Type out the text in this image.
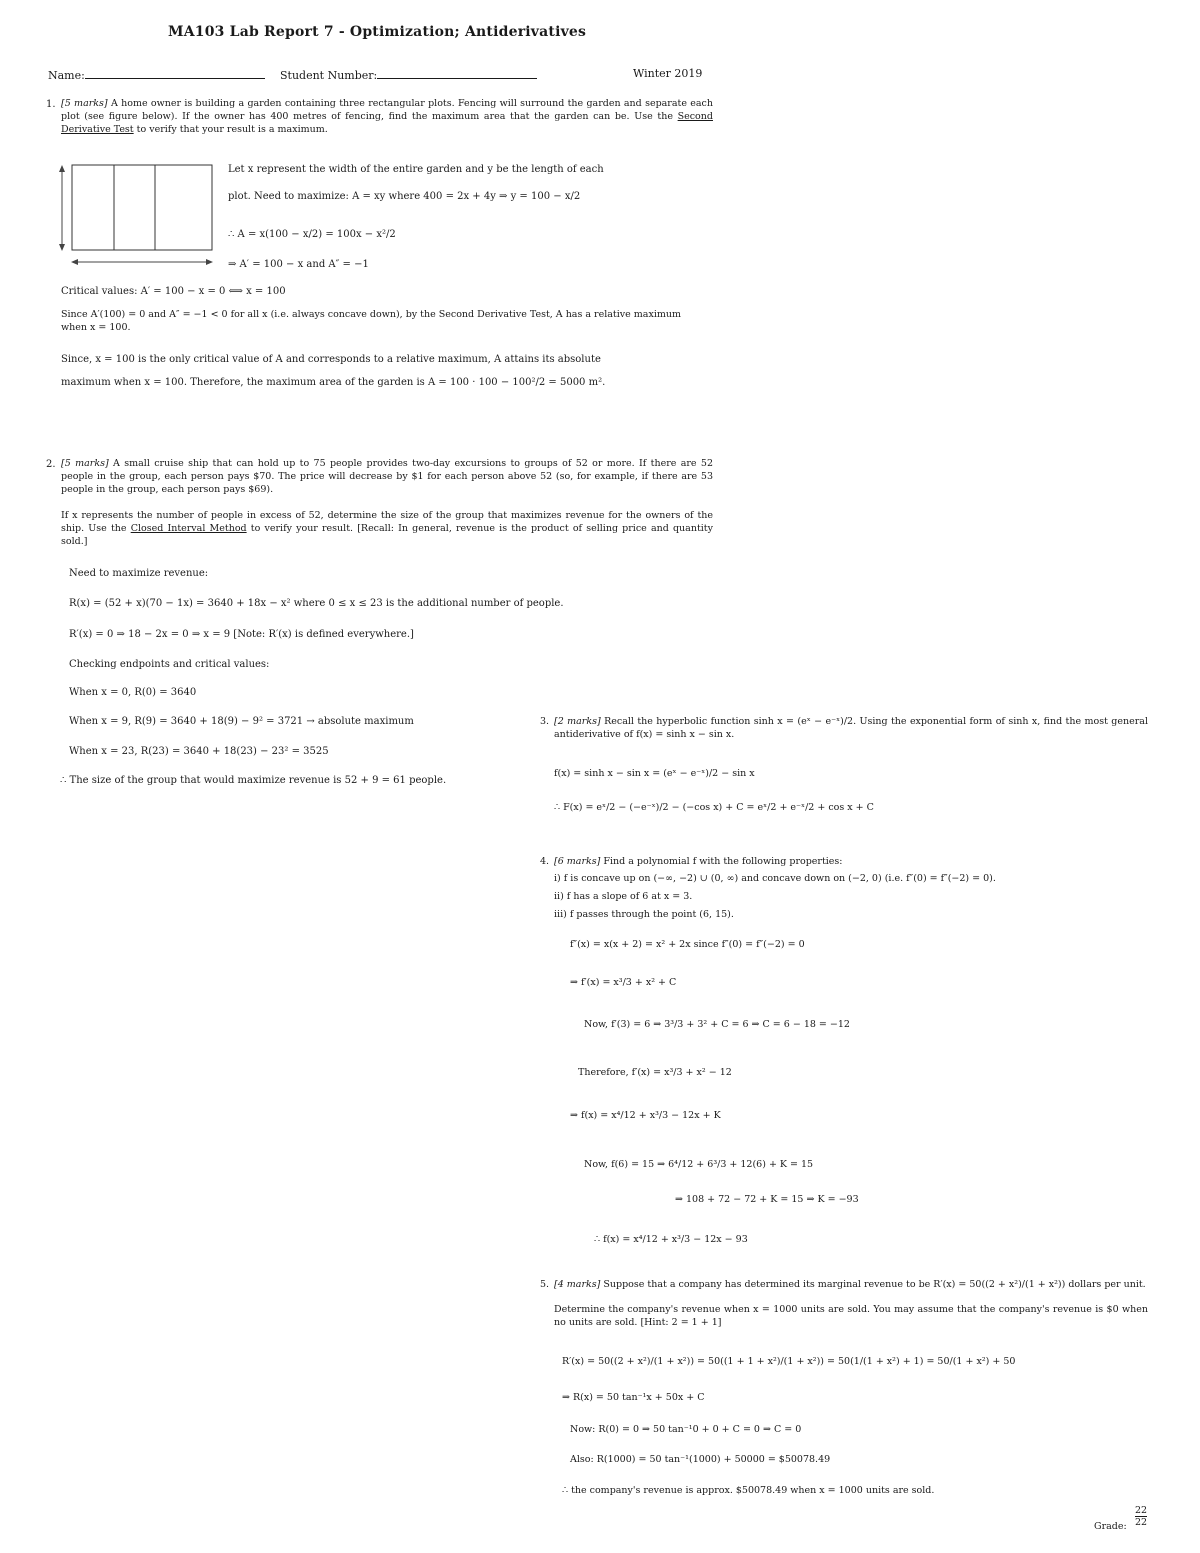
MA103 Lab Report 7 - Optimization; Antiderivatives
Name:	Student Number:	Winter 2019
1. [5 marks] A home owner is building a garden containing three rectangular plots. Fencing will surround the garden and separate each plot (see figure below). If the owner has 400 metres of fencing, find the maximum area that the garden can be. Use the Second Derivative Test to verify that your result is a maximum.
Let x represent the width of the entire garden and y be the length of each
plot. Need to maximize: A = xy where 400 = 2x + 4y ⇒ y = 100 − x/2
∴ A = x(100 − x/2) = 100x − x²/2
⇒ A′ = 100 − x and A″ = −1
Critical values: A′ = 100 − x = 0 ⟺ x = 100
Since A′(100) = 0 and A″ = −1 < 0 for all x (i.e. always concave down), by the Second Derivative Test, A has a relative maximum when x = 100.
Since, x = 100 is the only critical value of A and corresponds to a relative maximum, A attains its absolute
maximum when x = 100. Therefore, the maximum area of the garden is A = 100 · 100 − 100²/2 = 5000 m².
2. [5 marks] A small cruise ship that can hold up to 75 people provides two-day excursions to groups of 52 or more. If there are 52 people in the group, each person pays $70. The price will decrease by $1 for each person above 52 (so, for example, if there are 53 people in the group, each person pays $69).
If x represents the number of people in excess of 52, determine the size of the group that maximizes revenue for the owners of the ship. Use the Closed Interval Method to verify your result. [Recall: In general, revenue is the product of selling price and quantity sold.]
Need to maximize revenue:
R(x) = (52 + x)(70 − 1x) = 3640 + 18x − x² where 0 ≤ x ≤ 23 is the additional number of people.
R′(x) = 0 ⇒ 18 − 2x = 0 ⇒ x = 9 [Note: R′(x) is defined everywhere.]
Checking endpoints and critical values:
When x = 0, R(0) = 3640
When x = 9, R(9) = 3640 + 18(9) − 9² = 3721 → absolute maximum
When x = 23, R(23) = 3640 + 18(23) − 23² = 3525
∴ The size of the group that would maximize revenue is 52 + 9 = 61 people.
3. [2 marks] Recall the hyperbolic function sinh x = (eˣ − e⁻ˣ)/2. Using the exponential form of sinh x, find the most general antiderivative of f(x) = sinh x − sin x.
f(x) = sinh x − sin x = (eˣ − e⁻ˣ)/2 − sin x
∴ F(x) = eˣ/2 − (−e⁻ˣ)/2 − (−cos x) + C = eˣ/2 + e⁻ˣ/2 + cos x + C
4. [6 marks] Find a polynomial f with the following properties:
i) f is concave up on (−∞, −2) ∪ (0, ∞) and concave down on (−2, 0) (i.e. f″(0) = f″(−2) = 0).
ii) f has a slope of 6 at x = 3.
iii) f passes through the point (6, 15).
f″(x) = x(x + 2) = x² + 2x since f″(0) = f″(−2) = 0
⇒ f′(x) = x³/3 + x² + C
Now, f′(3) = 6 ⇒ 3³/3 + 3² + C = 6 ⇒ C = 6 − 18 = −12
Therefore, f′(x) = x³/3 + x² − 12
⇒ f(x) = x⁴/12 + x³/3 − 12x + K
Now, f(6) = 15 ⇒ 6⁴/12 + 6³/3 + 12(6) + K = 15
⇒ 108 + 72 − 72 + K = 15 ⇒ K = −93
∴ f(x) = x⁴/12 + x³/3 − 12x − 93
5. [4 marks] Suppose that a company has determined its marginal revenue to be R′(x) = 50((2 + x²)/(1 + x²)) dollars per unit.
Determine the company's revenue when x = 1000 units are sold. You may assume that the company's revenue is $0 when no units are sold. [Hint: 2 = 1 + 1]
R′(x) = 50((2 + x²)/(1 + x²)) = 50((1 + 1 + x²)/(1 + x²)) = 50(1/(1 + x²) + 1) = 50/(1 + x²) + 50
⇒ R(x) = 50 tan⁻¹x + 50x + C
Now: R(0) = 0 ⇒ 50 tan⁻¹0 + 0 + C = 0 ⇒ C = 0
Also: R(1000) = 50 tan⁻¹(1000) + 50000 = $50078.49
∴ the company's revenue is approx. $50078.49 when x = 1000 units are sold.
Grade: $\frac{22}{22}$
